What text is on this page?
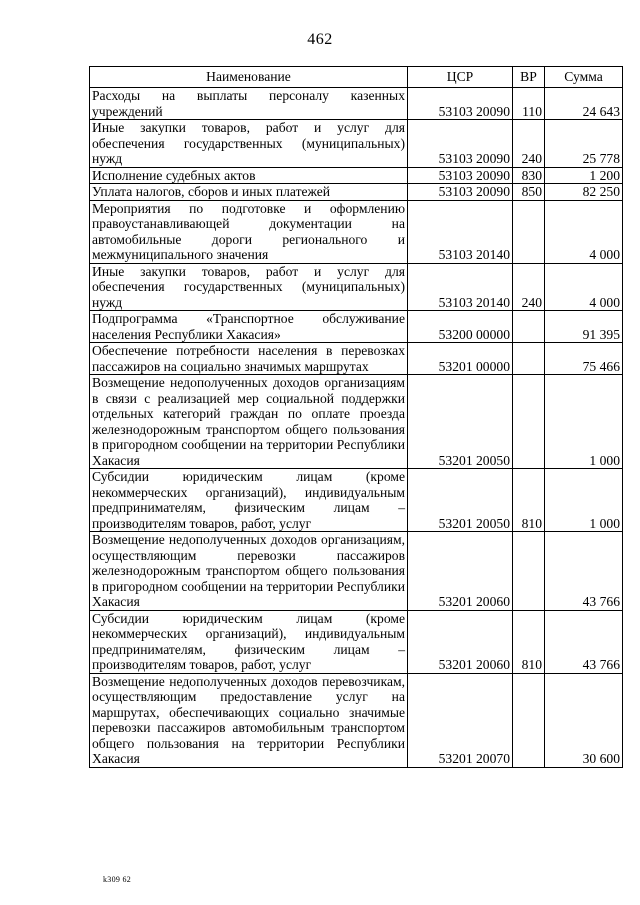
462
Наименование	ЦСР	ВР	Сумма
Расходы на выплаты персоналу казенных учреждений	53103 20090	110	24 643
Иные закупки товаров, работ и услуг для обеспечения государственных (муниципальных) нужд	53103 20090	240	25 778
Исполнение судебных актов	53103 20090	830	1 200
Уплата налогов, сборов и иных платежей	53103 20090	850	82 250
Мероприятия по подготовке и оформлению правоустанавливающей документации на автомобильные дороги регионального и межмуниципального значения	53103 20140		4 000
Иные закупки товаров, работ и услуг для обеспечения государственных (муниципальных) нужд	53103 20140	240	4 000
Подпрограмма «Транспортное обслуживание населения Республики Хакасия»	53200 00000		91 395
Обеспечение потребности населения в перевозках пассажиров на социально значимых маршрутах	53201 00000		75 466
Возмещение недополученных доходов организациям в связи с реализацией мер социальной поддержки отдельных категорий граждан по оплате проезда железнодорожным транспортом общего пользования в пригородном сообщении на территории Республики Хакасия	53201 20050		1 000
Субсидии юридическим лицам (кроме некоммерческих организаций), индивидуальным предпринимателям, физическим лицам – производителям товаров, работ, услуг	53201 20050	810	1 000
Возмещение недополученных доходов организациям, осуществляющим перевозки пассажиров железнодорожным транспортом общего пользования в пригородном сообщении на территории Республики Хакасия	53201 20060		43 766
Субсидии юридическим лицам (кроме некоммерческих организаций), индивидуальным предпринимателям, физическим лицам – производителям товаров, работ, услуг	53201 20060	810	43 766
Возмещение недополученных доходов перевозчикам, осуществляющим предоставление услуг на маршрутах, обеспечивающих социально значимые перевозки пассажиров автомобильным транспортом общего пользования на территории Республики Хакасия	53201 20070		30 600
k309 62
